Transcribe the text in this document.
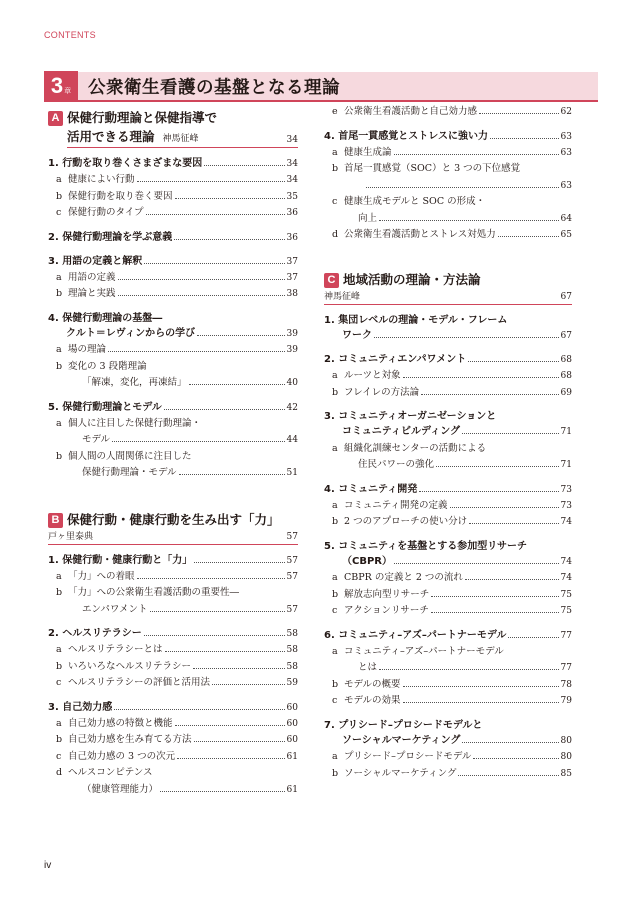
CONTENTS
3 章 公衆衛生看護の基盤となる理論
A 保健行動理論と保健指導で
活用できる理論 神馬征峰	34
1. 行動を取り巻くさまざまな要因	34
a 健康によい行動	34
b 保健行動を取り巻く要因	35
c 保健行動のタイプ	36
2. 保健行動理論を学ぶ意義	36
3. 用語の定義と解釈	37
a 用語の定義	37
b 理論と実践	38
4. 保健行動理論の基盤―
クルト＝レヴィンからの学び	39
a 場の理論	39
b 変化の 3 段階理論
「解凍，変化，再凍結」	40
5. 保健行動理論とモデル	42
a 個人に注目した保健行動理論・
モデル	44
b 個人間の人間関係に注目した
保健行動理論・モデル	51
B 保健行動・健康行動を生み出す「力」
戸ヶ里泰典	57
1. 保健行動・健康行動と「力」	57
a 「力」への着眼	57
b 「力」への公衆衛生看護活動の重要性―
エンパワメント	57
2. ヘルスリテラシー	58
a ヘルスリテラシーとは	58
b いろいろなヘルスリテラシー	58
c ヘルスリテラシーの評価と活用法	59
3. 自己効力感	60
a 自己効力感の特徴と機能	60
b 自己効力感を生み育てる方法	60
c 自己効力感の 3 つの次元	61
d ヘルスコンピテンス
（健康管理能力）	61
e 公衆衛生看護活動と自己効力感	62
4. 首尾一貫感覚とストレスに強い力	63
a 健康生成論	63
b 首尾一貫感覚（SOC）と 3 つの下位感覚
63
c 健康生成モデルと SOC の形成・
向上	64
d 公衆衛生看護活動とストレス対処力	65
C 地域活動の理論・方法論
神馬征峰	67
1. 集団レベルの理論・モデル・フレーム
ワーク	67
2. コミュニティエンパワメント	68
a ルーツと対象	68
b フレイレの方法論	69
3. コミュニティオーガニゼーションと
コミュニティビルディング	71
a 組織化訓練センターの活動による
住民パワーの強化	71
4. コミュニティ開発	73
a コミュニティ開発の定義	73
b 2 つのアプローチの使い分け	74
5. コミュニティを基盤とする参加型リサーチ
（CBPR）	74
a CBPR の定義と 2 つの流れ	74
b 解放志向型リサーチ	75
c アクションリサーチ	75
6. コミュニティ–アズ–パートナーモデル	77
a コミュニティ–アズ–パートナーモデル
とは	77
b モデルの概要	78
c モデルの効果	79
7. プリシード–プロシードモデルと
ソーシャルマーケティング	80
a プリシード–プロシードモデル	80
b ソーシャルマーケティング	85
iv
